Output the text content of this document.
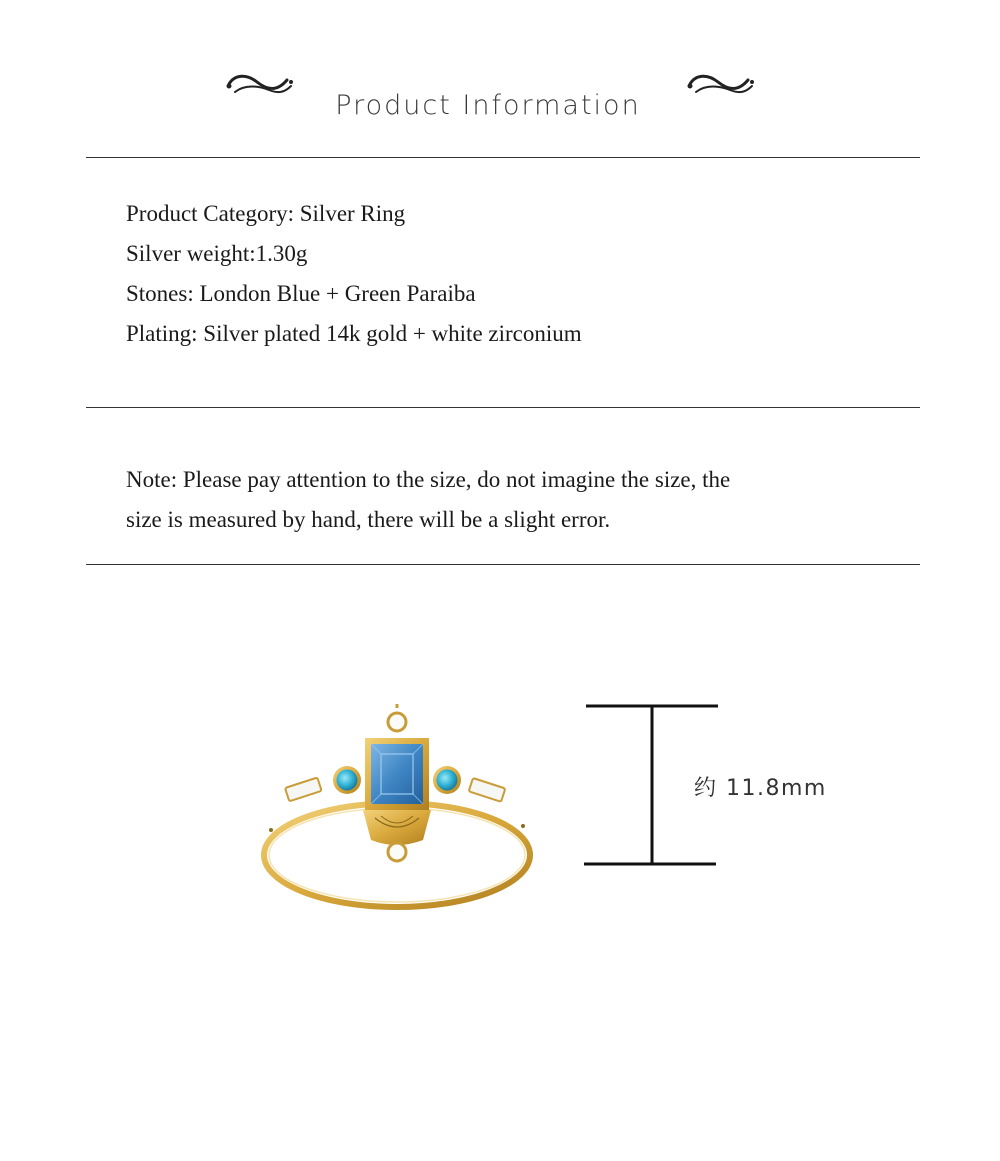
Product Information
Product Category: Silver Ring
Silver weight:1.30g
Stones: London Blue + Green Paraiba
Plating: Silver plated 14k gold + white zirconium
Note: Please pay attention to the size, do not imagine the size, the
size is measured by hand, there will be a slight error.
约 11.8mm
